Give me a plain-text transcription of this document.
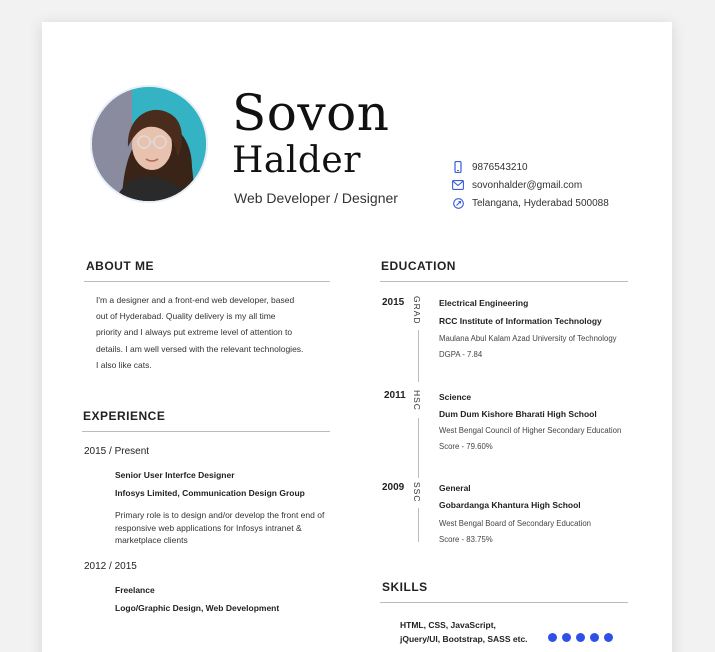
Sovon
Halder
Web Developer / Designer
9876543210
sovonhalder@gmail.com
Telangana, Hyderabad 500088
ABOUT ME
I'm a designer and a front-end web developer, based
out of Hyderabad. Quality delivery is my all time
priority and I always put extreme level of attention to
details. I am well versed with the relevant technologies.
I also like cats.
EXPERIENCE
2015 / Present
Senior User Interfce Designer
Infosys Limited, Communication Design Group
Primary role is to design and/or develop the front end of
responsive web applications for Infosys intranet &
marketplace clients
2012 / 2015
Freelance
Logo/Graphic Design, Web Development
EDUCATION
2015 GRAD Electrical Engineering
RCC Institute of Information Technology
Maulana Abul Kalam Azad University of Technology
DGPA - 7.84
2011 HSC Science
Dum Dum Kishore Bharati High School
West Bengal Council of Higher Secondary Education
Score - 79.60%
2009 SSC General
Gobardanga Khantura High School
West Bengal Board of Secondary Education
Score - 83.75%
SKILLS
HTML, CSS, JavaScript,
jQuery/UI, Bootstrap, SASS etc.
